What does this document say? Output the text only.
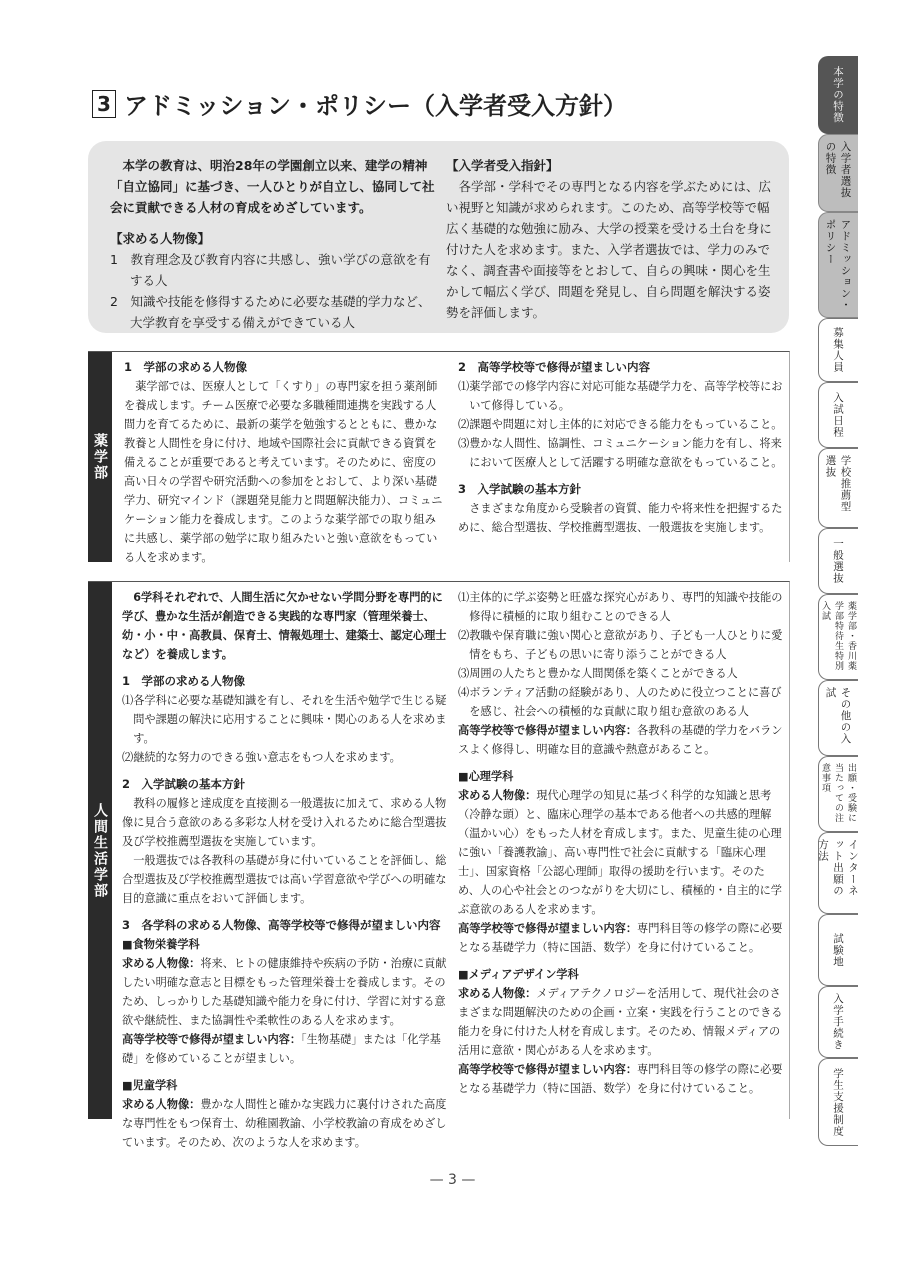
3 アドミッション・ポリシー（入学者受入方針）
本学の教育は、明治28年の学園創立以来、建学の精神「自立協同」に基づき、一人ひとりが自立し、協同して社会に貢献できる人材の育成をめざしています。
【求める人物像】
1　教育理念及び教育内容に共感し、強い学びの意欲を有する人
2　知識や技能を修得するために必要な基礎的学力など、大学教育を享受する備えができている人
【入学者受入指針】
各学部・学科でその専門となる内容を学ぶためには、広い視野と知識が求められます。このため、高等学校等で幅広く基礎的な勉強に励み、大学の授業を受ける土台を身に付けた人を求めます。また、入学者選抜では、学力のみでなく、調査書や面接等をとおして、自らの興味・関心を生かして幅広く学び、問題を発見し、自ら問題を解決する姿勢を評価します。
薬学部
1　学部の求める人物像
薬学部では、医療人として「くすり」の専門家を担う薬剤師を養成します。チーム医療で必要な多職種間連携を実践する人間力を育てるために、最新の薬学を勉強するとともに、豊かな教養と人間性を身に付け、地域や国際社会に貢献できる資質を備えることが重要であると考えています。そのために、密度の高い日々の学習や研究活動への参加をとおして、より深い基礎学力、研究マインド（課題発見能力と問題解決能力）、コミュニケーション能力を養成します。このような薬学部での取り組みに共感し、薬学部の勉学に取り組みたいと強い意欲をもっている人を求めます。
2　高等学校等で修得が望ましい内容
⑴薬学部での修学内容に対応可能な基礎学力を、高等学校等において修得している。
⑵課題や問題に対し主体的に対応できる能力をもっていること。
⑶豊かな人間性、協調性、コミュニケーション能力を有し、将来において医療人として活躍する明確な意欲をもっていること。
3　入学試験の基本方針
さまざまな角度から受験者の資質、能力や将来性を把握するために、総合型選抜、学校推薦型選抜、一般選抜を実施します。
人間生活学部
6学科それぞれで、人間生活に欠かせない学問分野を専門的に学び、豊かな生活が創造できる実践的な専門家（管理栄養士、幼・小・中・高教員、保育士、情報処理士、建築士、認定心理士など）を養成します。
1　学部の求める人物像
⑴各学科に必要な基礎知識を有し、それを生活や勉学で生じる疑問や課題の解決に応用することに興味・関心のある人を求めます。
⑵継続的な努力のできる強い意志をもつ人を求めます。
2　入学試験の基本方針
教科の履修と達成度を直接測る一般選抜に加えて、求める人物像に見合う意欲のある多彩な人材を受け入れるために総合型選抜及び学校推薦型選抜を実施しています。
一般選抜では各教科の基礎が身に付いていることを評価し、総合型選抜及び学校推薦型選抜では高い学習意欲や学びへの明確な目的意識に重点をおいて評価します。
3　各学科の求める人物像、高等学校等で修得が望ましい内容
■食物栄養学科
求める人物像：将来、ヒトの健康維持や疾病の予防・治療に貢献したい明確な意志と目標をもった管理栄養士を養成します。そのため、しっかりした基礎知識や能力を身に付け、学習に対する意欲や継続性、また協調性や柔軟性のある人を求めます。
高等学校等で修得が望ましい内容：「生物基礎」または「化学基礎」を修めていることが望ましい。
■児童学科
求める人物像：豊かな人間性と確かな実践力に裏付けされた高度な専門性をもつ保育士、幼稚園教諭、小学校教諭の育成をめざしています。そのため、次のような人を求めます。
⑴主体的に学ぶ姿勢と旺盛な探究心があり、専門的知識や技能の修得に積極的に取り組むことのできる人
⑵教職や保育職に強い関心と意欲があり、子ども一人ひとりに愛情をもち、子どもの思いに寄り添うことができる人
⑶周囲の人たちと豊かな人間関係を築くことができる人
⑷ボランティア活動の経験があり、人のために役立つことに喜びを感じ、社会への積極的な貢献に取り組む意欲のある人
高等学校等で修得が望ましい内容：各教科の基礎的学力をバランスよく修得し、明確な目的意識や熱意があること。
■心理学科
求める人物像：現代心理学の知見に基づく科学的な知識と思考（冷静な頭）と、臨床心理学の基本である他者への共感的理解（温かい心）をもった人材を育成します。また、児童生徒の心理に強い「養護教諭」、高い専門性で社会に貢献する「臨床心理士」、国家資格「公認心理師」取得の援助を行います。そのため、人の心や社会とのつながりを大切にし、積極的・自主的に学ぶ意欲のある人を求めます。
高等学校等で修得が望ましい内容：専門科目等の修学の際に必要となる基礎学力（特に国語、数学）を身に付けていること。
■メディアデザイン学科
求める人物像：メディアテクノロジーを活用して、現代社会のさまざまな問題解決のための企画・立案・実践を行うことのできる能力を身に付けた人材を育成します。そのため、情報メディアの活用に意欲・関心がある人を求めます。
高等学校等で修得が望ましい内容：専門科目等の修学の際に必要となる基礎学力（特に国語、数学）を身に付けていること。
本学の特徴
入学者選抜の特徴
アドミッション・ポリシー
募集人員
入試日程
学校推薦型選抜
一般選抜
薬学部・香川薬学部特待生特別入試
その他の入試
出願・受験に当たっての注意事項
インターネット出願の方法
試験地
入学手続き
学生支援制度
— 3 —
